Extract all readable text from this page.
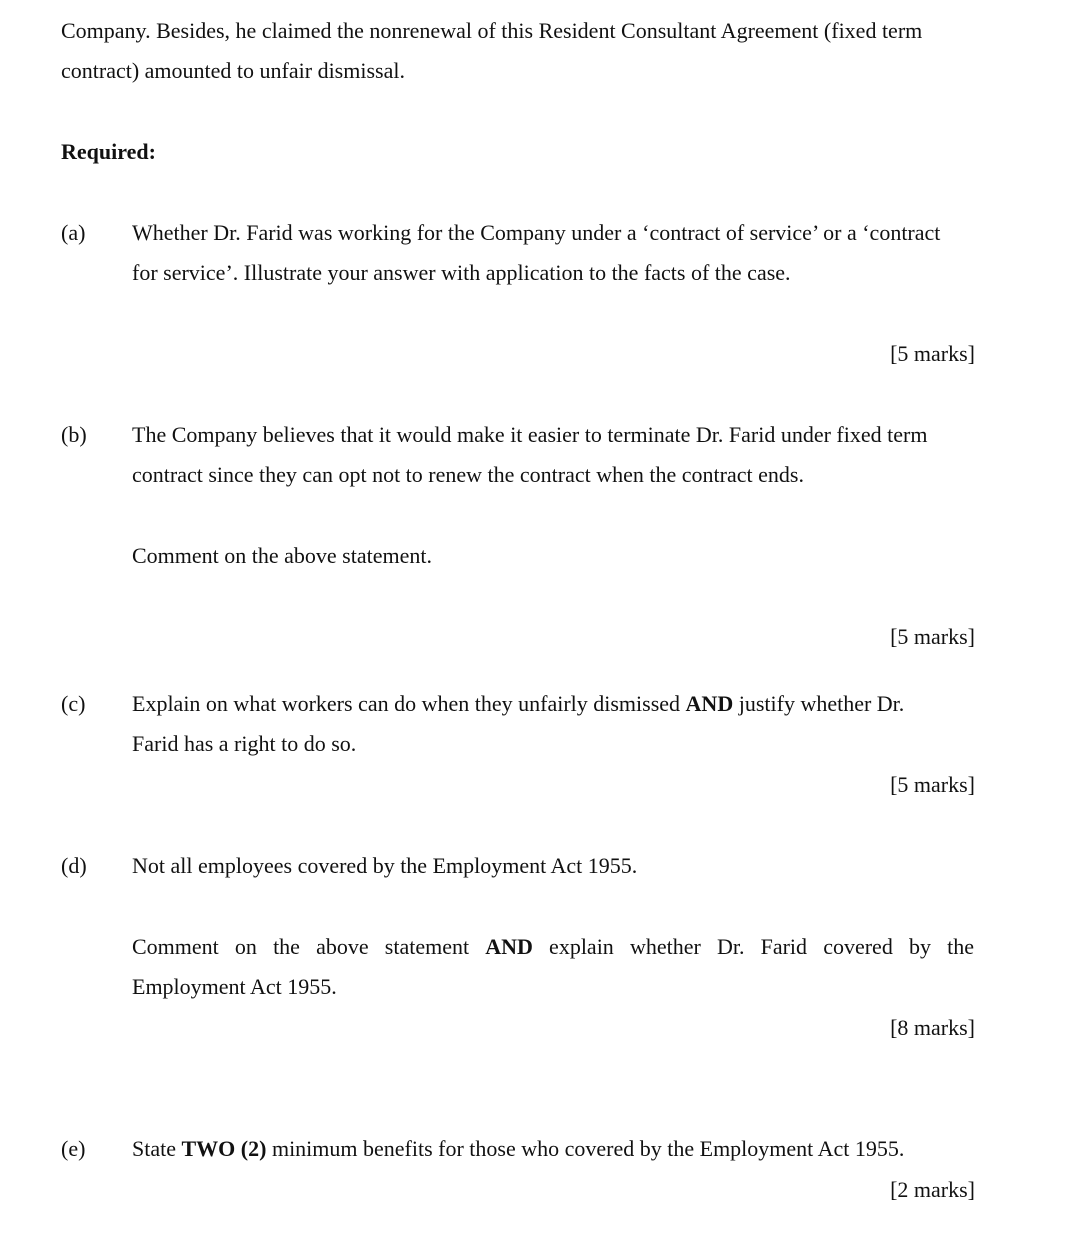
Company. Besides, he claimed the nonrenewal of this Resident Consultant Agreement (fixed term
contract) amounted to unfair dismissal.
Required:
(a) Whether Dr. Farid was working for the Company under a ‘contract of service’ or a ‘contract
for service’. Illustrate your answer with application to the facts of the case.
[5 marks]
(b) The Company believes that it would make it easier to terminate Dr. Farid under fixed term
contract since they can opt not to renew the contract when the contract ends.
Comment on the above statement.
[5 marks]
(c) Explain on what workers can do when they unfairly dismissed AND justify whether Dr.
Farid has a right to do so.
[5 marks]
(d) Not all employees covered by the Employment Act 1955.
Comment on the above statement AND explain whether Dr. Farid covered by the
Employment Act 1955.
[8 marks]
(e) State TWO (2) minimum benefits for those who covered by the Employment Act 1955.
[2 marks]
